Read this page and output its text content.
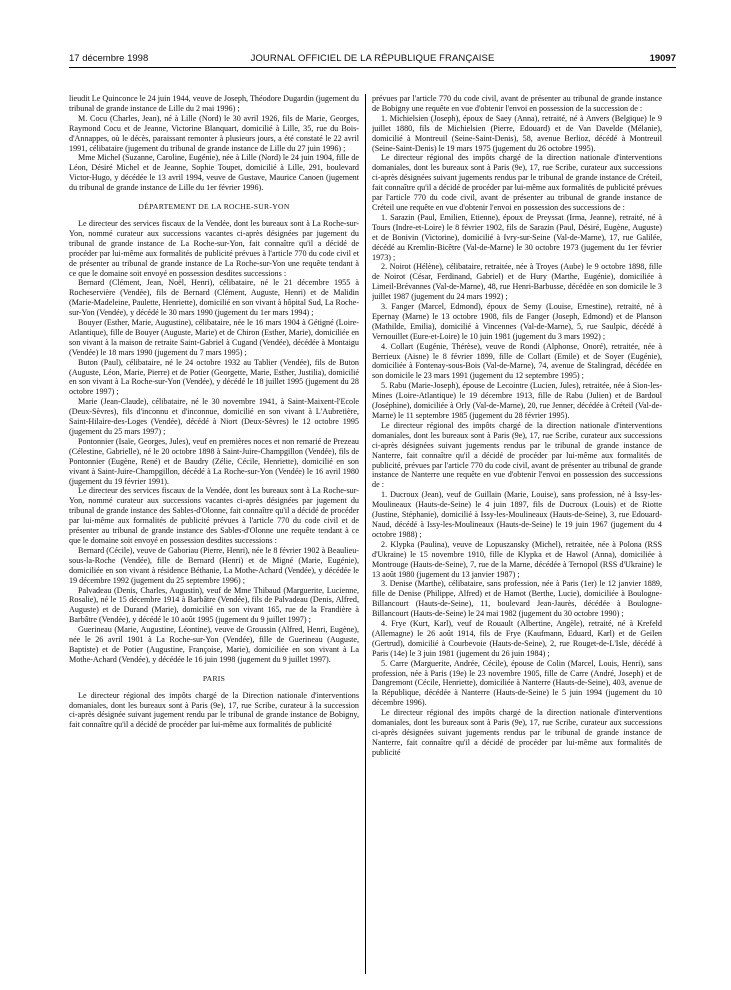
17 décembre 1998	JOURNAL OFFICIEL DE LA RÉPUBLIQUE FRANÇAISE	19097

lieudit Le Quinconce le 24 juin 1944, veuve de Joseph, Théodore Dugardin (jugement du tribunal de grande instance de Lille du 2 mai 1996) ;

M. Cocu (Charles, Jean), né à Lille (Nord) le 30 avril 1926, fils de Marie, Georges, Raymond Cocu et de Jeanne, Victorine Blanquart, domicilié à Lille, 35, rue du Bois-d'Annappes, où le décès, paraissant remonter à plusieurs jours, a été constaté le 22 avril 1991, célibataire (jugement du tribunal de grande instance de Lille du 27 juin 1996) ;

Mme Michel (Suzanne, Caroline, Eugénie), née à Lille (Nord) le 24 juin 1904, fille de Léon, Désiré Michel et de Jeanne, Sophie Toupet, domicilié à Lille, 291, boulevard Victor-Hugo, y décédée le 13 avril 1994, veuve de Gustave, Maurice Canoen (jugement du tribunal de grande instance de Lille du 1er février 1996).

DÉPARTEMENT DE LA ROCHE-SUR-YON

Le directeur des services fiscaux de la Vendée, dont les bureaux sont à La Roche-sur-Yon, nommé curateur aux successions vacantes ci-après désignées par jugement du tribunal de grande instance de La Roche-sur-Yon, fait connaître qu'il a décidé de procéder par lui-même aux formalités de publicité prévues à l'article 770 du code civil et de présenter au tribunal de grande instance de La Roche-sur-Yon une requête tendant à ce que le domaine soit envoyé en possession desdites successions :

Bernard (Clément, Jean, Noël, Henri), célibataire, né le 21 décembre 1955 à Rocheservière (Vendée), fils de Bernard (Clément, Auguste, Henri) et de Malidin (Marie-Madeleine, Paulette, Henriette), domicilié en son vivant à hôpital Sud, La Roche-sur-Yon (Vendée), y décédé le 30 mars 1990 (jugement du 1er mars 1994) ;

Bouyer (Esther, Marie, Augustine), célibataire, née le 16 mars 1904 à Gétigné (Loire-Atlantique), fille de Bouyer (Auguste, Marie) et de Chiron (Esther, Marie), domiciliée en son vivant à la maison de retraite Saint-Gabriel à Cugand (Vendée), décédée à Montaigu (Vendée) le 18 mars 1990 (jugement du 7 mars 1995) ;

Buton (Paul), célibataire, né le 24 octobre 1932 au Tablier (Vendée), fils de Buton (Auguste, Léon, Marie, Pierre) et de Potier (Georgette, Marie, Esther, Justilia), domicilié en son vivant à La Roche-sur-Yon (Vendée), y décédé le 18 juillet 1995 (jugement du 28 octobre 1997) ;

Marie (Jean-Claude), célibataire, né le 30 novembre 1941, à Saint-Maixent-l'Ecole (Deux-Sèvres), fils d'inconnu et d'inconnue, domicilié en son vivant à L'Aubretière, Saint-Hilaire-des-Loges (Vendée), décédé à Niort (Deux-Sèvres) le 12 octobre 1995 (jugement du 25 mars 1997) ;

Pontonnier (Isaïe, Georges, Jules), veuf en premières noces et non remarié de Prezeau (Célestine, Gabrielle), né le 20 octobre 1898 à Saint-Juire-Champgillon (Vendée), fils de Pontonnier (Eugène, René) et de Baudry (Zélie, Cécile, Henriette), domicilié en son vivant à Saint-Juire-Champgillon, décédé à La Roche-sur-Yon (Vendée) le 16 avril 1980 (jugement du 19 février 1991).

Le directeur des services fiscaux de la Vendée, dont les bureaux sont à La Roche-sur-Yon, nommé curateur aux successions vacantes ci-après désignées par jugement du tribunal de grande instance des Sables-d'Olonne, fait connaître qu'il a décidé de procéder par lui-même aux formalités de publicité prévues à l'article 770 du code civil et de présenter au tribunal de grande instance des Sables-d'Olonne une requête tendant à ce que le domaine soit envoyé en possession desdites successions :

Bernard (Cécile), veuve de Gaboriau (Pierre, Henri), née le 8 février 1902 à Beaulieu-sous-la-Roche (Vendée), fille de Bernard (Henri) et de Migné (Marie, Eugénie), domiciliée en son vivant à résidence Béthanie, La Mothe-Achard (Vendée), y décédée le 19 décembre 1992 (jugement du 25 septembre 1996) ;

Palvadeau (Denis, Charles, Augustin), veuf de Mme Thibaud (Marguerite, Lucienne, Rosalie), né le 15 décembre 1914 à Barbâtre (Vendée), fils de Palvadeau (Denis, Alfred, Auguste) et de Durand (Marie), domicilié en son vivant 165, rue de la Frandière à Barbâtre (Vendée), y décédé le 10 août 1995 (jugement du 9 juillet 1997) ;

Guerineau (Marie, Augustine, Léontine), veuve de Groussin (Alfred, Henri, Eugène), née le 26 avril 1901 à La Roche-sur-Yon (Vendée), fille de Guerineau (Auguste, Baptiste) et de Potier (Augustine, Françoise, Marie), domiciliée en son vivant à La Mothe-Achard (Vendée), y décédée le 16 juin 1998 (jugement du 9 juillet 1997).

PARIS

Le directeur régional des impôts chargé de la Direction nationale d'interventions domaniales, dont les bureaux sont à Paris (9e), 17, rue Scribe, curateur à la succession ci-après désignée suivant jugement rendu par le tribunal de grande instance de Bobigny, fait connaître qu'il a décidé de procéder par lui-même aux formalités de publicité

prévues par l'article 770 du code civil, avant de présenter au tribunal de grande instance de Bobigny une requête en vue d'obtenir l'envoi en possession de la succession de :

1. Michielsien (Joseph), époux de Saey (Anna), retraité, né à Anvers (Belgique) le 9 juillet 1880, fils de Michielsien (Pierre, Edouard) et de Van Davelde (Mélanie), domicilié à Montreuil (Seine-Saint-Denis), 58, avenue Berlioz, décédé à Montreuil (Seine-Saint-Denis) le 19 mars 1975 (jugement du 26 octobre 1995).

Le directeur régional des impôts chargé de la direction nationale d'interventions domaniales, dont les bureaux sont à Paris (9e), 17, rue Scribe, curateur aux successions ci-après désignées suivant jugements rendus par le tribunal de grande instance de Créteil, fait connaître qu'il a décidé de procéder par lui-même aux formalités de publicité prévues par l'article 770 du code civil, avant de présenter au tribunal de grande instance de Créteil une requête en vue d'obtenir l'envoi en possession des successions de :

1. Sarazin (Paul, Emilien, Etienne), époux de Preyssat (Irma, Jeanne), retraité, né à Tours (Indre-et-Loire) le 8 février 1902, fils de Sarazin (Paul, Désiré, Eugène, Auguste) et de Bonivin (Victorine), domicilié à Ivry-sur-Seine (Val-de-Marne), 17, rue Galilée, décédé au Kremlin-Bicêtre (Val-de-Marne) le 30 octobre 1973 (jugement du 1er février 1973) ;

2. Noirot (Hélène), célibataire, retraitée, née à Troyes (Aube) le 9 octobre 1898, fille de Noirot (César, Ferdinand, Gabriel) et de Hury (Marthe, Eugénie), domiciliée à Limeil-Brévannes (Val-de-Marne), 48, rue Henri-Barbusse, décédée en son domicile le 3 juillet 1987 (jugement du 24 mars 1992) ;

3. Fanger (Marcel, Edmond), époux de Semy (Louise, Ernestine), retraité, né à Epernay (Marne) le 13 octobre 1908, fils de Fanger (Joseph, Edmond) et de Planson (Mathilde, Emilia), domicilié à Vincennes (Val-de-Marne), 5, rue Saulpic, décédé à Vernouillet (Eure-et-Loire) le 10 juin 1981 (jugement du 3 mars 1992) ;

4. Collart (Eugénie, Thérèse), veuve de Rondi (Alphonse, Onoré), retraitée, née à Berrieux (Aisne) le 8 février 1899, fille de Collart (Emile) et de Soyer (Eugénie), domiciliée à Fontenay-sous-Bois (Val-de-Marne), 74, avenue de Stalingrad, décédée en son domicile le 23 mars 1991 (jugement du 12 septembre 1995) ;

5. Rabu (Marie-Joseph), épouse de Lecointre (Lucien, Jules), retraitée, née à Sion-les-Mines (Loire-Atlantique) le 19 décembre 1913, fille de Rabu (Julien) et de Bardoul (Joséphine), domiciliée à Orly (Val-de-Marne), 20, rue Jenner, décédée à Créteil (Val-de-Marne) le 11 septembre 1985 (jugement du 28 février 1995).

Le directeur régional des impôts chargé de la direction nationale d'interventions domaniales, dont les bureaux sont à Paris (9e), 17, rue Scribe, curateur aux successions ci-après désignées suivant jugements rendus par le tribunal de grande instance de Nanterre, fait connaître qu'il a décidé de procéder par lui-même aux formalités de publicité, prévues par l'article 770 du code civil, avant de présenter au tribunal de grande instance de Nanterre une requête en vue d'obtenir l'envoi en possession des successions de :

1. Ducroux (Jean), veuf de Guillain (Marie, Louise), sans profession, né à Issy-les-Moulineaux (Hauts-de-Seine) le 4 juin 1897, fils de Ducroux (Louis) et de Riotte (Justine, Stéphanie), domicilié à Issy-les-Moulineaux (Hauts-de-Seine), 3, rue Edouard-Naud, décédé à Issy-les-Moulineaux (Hauts-de-Seine) le 19 juin 1967 (jugement du 4 octobre 1988) ;

2. Klypka (Paulina), veuve de Lopuszansky (Michel), retraitée, née à Polona (RSS d'Ukraine) le 15 novembre 1910, fille de Klypka et de Hawol (Anna), domiciliée à Montrouge (Hauts-de-Seine), 7, rue de la Marne, décédée à Ternopol (RSS d'Ukraine) le 13 août 1980 (jugement du 13 janvier 1987) ;

3. Denise (Marthe), célibataire, sans profession, née à Paris (1er) le 12 janvier 1889, fille de Denise (Philippe, Alfred) et de Hamot (Berthe, Lucie), domiciliée à Boulogne-Billancourt (Hauts-de-Seine), 11, boulevard Jean-Jaurès, décédée à Boulogne-Billancourt (Hauts-de-Seine) le 24 mai 1982 (jugement du 30 octobre 1990) ;

4. Frye (Kurt, Karl), veuf de Rouault (Albertine, Angèle), retraité, né à Krefeld (Allemagne) le 26 août 1914, fils de Frye (Kaufmann, Eduard, Karl) et de Geilen (Gertrud), domicilié à Courbevoie (Hauts-de-Seine), 2, rue Rouget-de-L'Isle, décédé à Paris (14e) le 3 juin 1981 (jugement du 26 juin 1984) ;

5. Carre (Marguerite, Andrée, Cécile), épouse de Colin (Marcel, Louis, Henri), sans profession, née à Paris (19e) le 23 novembre 1905, fille de Carre (André, Joseph) et de Dangremont (Cécile, Henriette), domiciliée à Nanterre (Hauts-de-Seine), 403, avenue de la République, décédée à Nanterre (Hauts-de-Seine) le 5 juin 1994 (jugement du 10 décembre 1996).

Le directeur régional des impôts chargé de la direction nationale d'interventions domaniales, dont les bureaux sont à Paris (9e), 17, rue Scribe, curateur aux successions ci-après désignées suivant jugements rendus par le tribunal de grande instance de Nanterre, fait connaître qu'il a décidé de procéder par lui-même aux formalités de publicité
